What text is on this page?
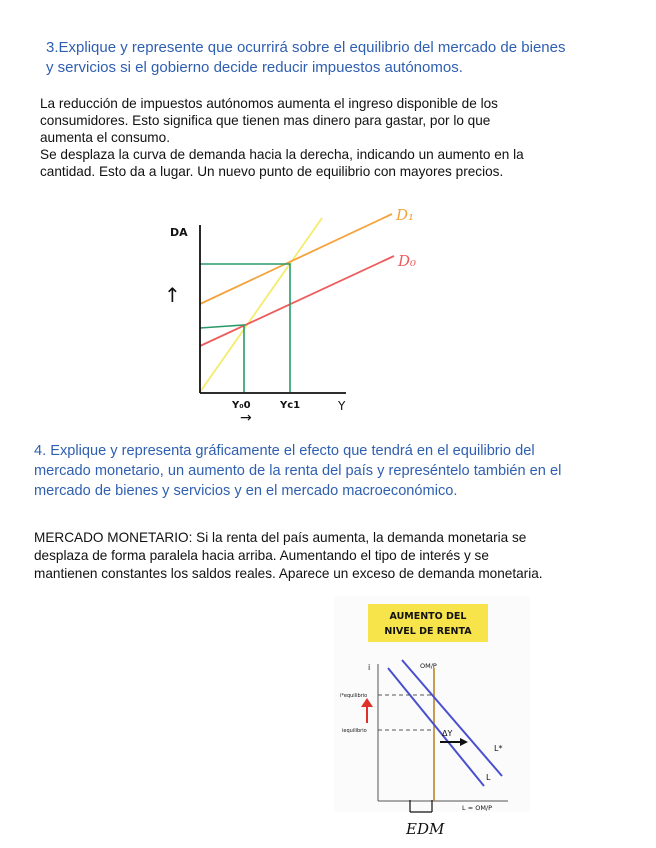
3.Explique y represente que ocurrirá sobre el equilibrio del mercado de bienes
y servicios si el gobierno decide reducir impuestos autónomos.
La reducción de impuestos autónomos aumenta el ingreso disponible de los
consumidores. Esto significa que tienen mas dinero para gastar, por lo que
aumenta el consumo.
Se desplaza la curva de demanda hacia la derecha, indicando un aumento en la
cantidad. Esto da a lugar. Un nuevo punto de equilibrio con mayores precios.
DA
↑
D₁
D₀
Y₀0	Yc1
→
Y
4. Explique y representa gráficamente el efecto que tendrá en el equilibrio del
mercado monetario, un aumento de la renta del país y represéntelo también en el
mercado de bienes y servicios y en el mercado macroeconómico.
MERCADO MONETARIO: Si la renta del país aumenta, la demanda monetaria se
desplaza de forma paralela hacia arriba. Aumentando el tipo de interés y se
mantienen constantes los saldos reales. Aparece un exceso de demanda monetaria.
AUMENTO DEL
NIVEL DE RENTA
i	OM/P
i*equilibrio
iequilibrio	ΔY
L*
L
L = OM/P
EDM
